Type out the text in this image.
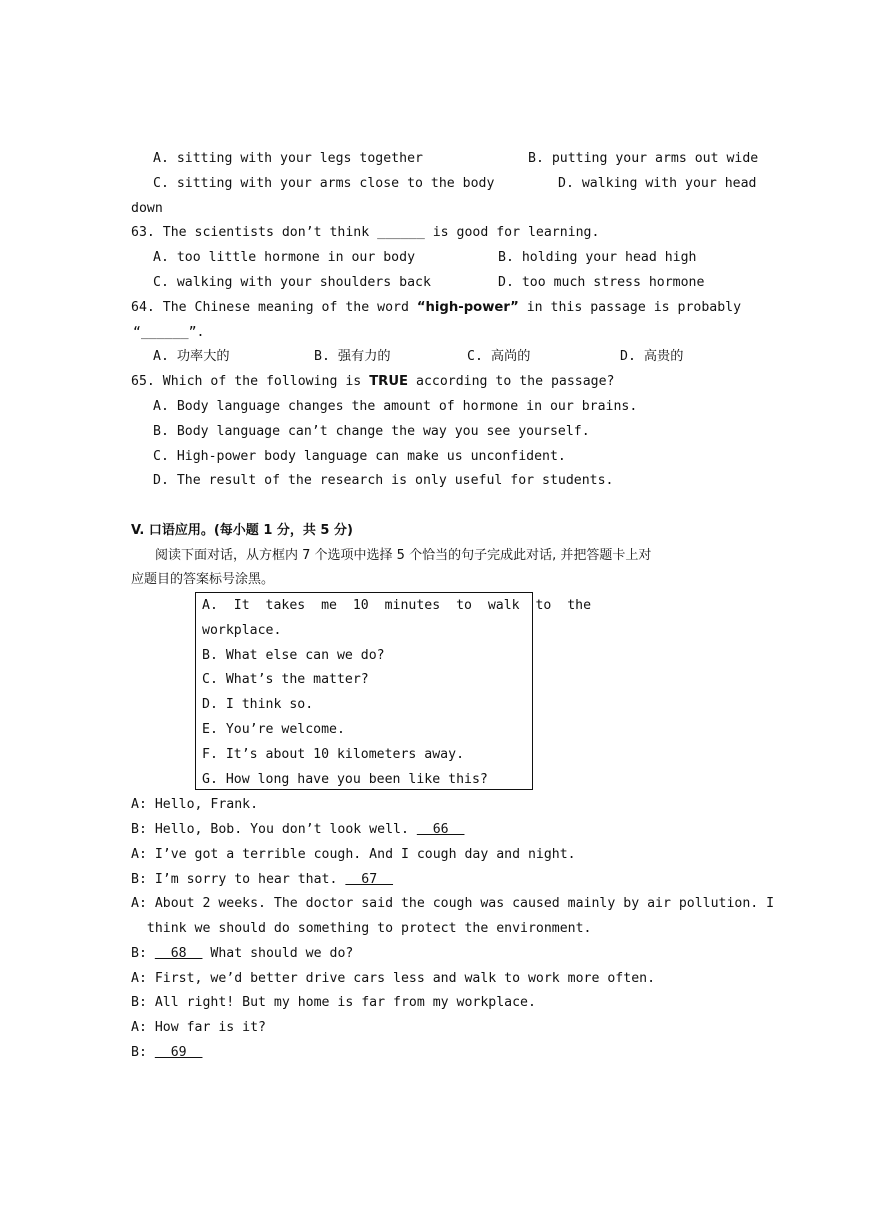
A. sitting with your legs together	B. putting your arms out wide
C. sitting with your arms close to the body	D. walking with your head
down
63. The scientists don’t think ______ is good for learning.
A. too little hormone in our body	B. holding your head high
C. walking with your shoulders back	D. too much stress hormone
64. The Chinese meaning of the word “high-power” in this passage is probably
“______”.
A. 功率大的	B. 强有力的	C. 高尚的	D. 高贵的
65. Which of the following is TRUE according to the passage?
A. Body language changes the amount of hormone in our brains.
B. Body language can’t change the way you see yourself.
C. High-power body language can make us unconfident.
D. The result of the research is only useful for students.
V. 口语应用。(每小题 1 分，共 5 分)
阅读下面对话，从方框内 7 个选项中选择 5 个恰当的句子完成此对话, 并把答题卡上对
应题目的答案标号涂黑。
A.  It  takes  me  10  minutes  to  walk  to  the
workplace.
B. What else can we do?
C. What’s the matter?
D. I think so.
E. You’re welcome.
F. It’s about 10 kilometers away.
G. How long have you been like this?
A: Hello, Frank.
B: Hello, Bob. You don’t look well.   66
A: I’ve got a terrible cough. And I cough day and night.
B: I’m sorry to hear that.   67
A: About 2 weeks. The doctor said the cough was caused mainly by air pollution. I
think we should do something to protect the environment.
B:   68   What should we do?
A: First, we’d better drive cars less and walk to work more often.
B: All right! But my home is far from my workplace.
A: How far is it?
B:   69
